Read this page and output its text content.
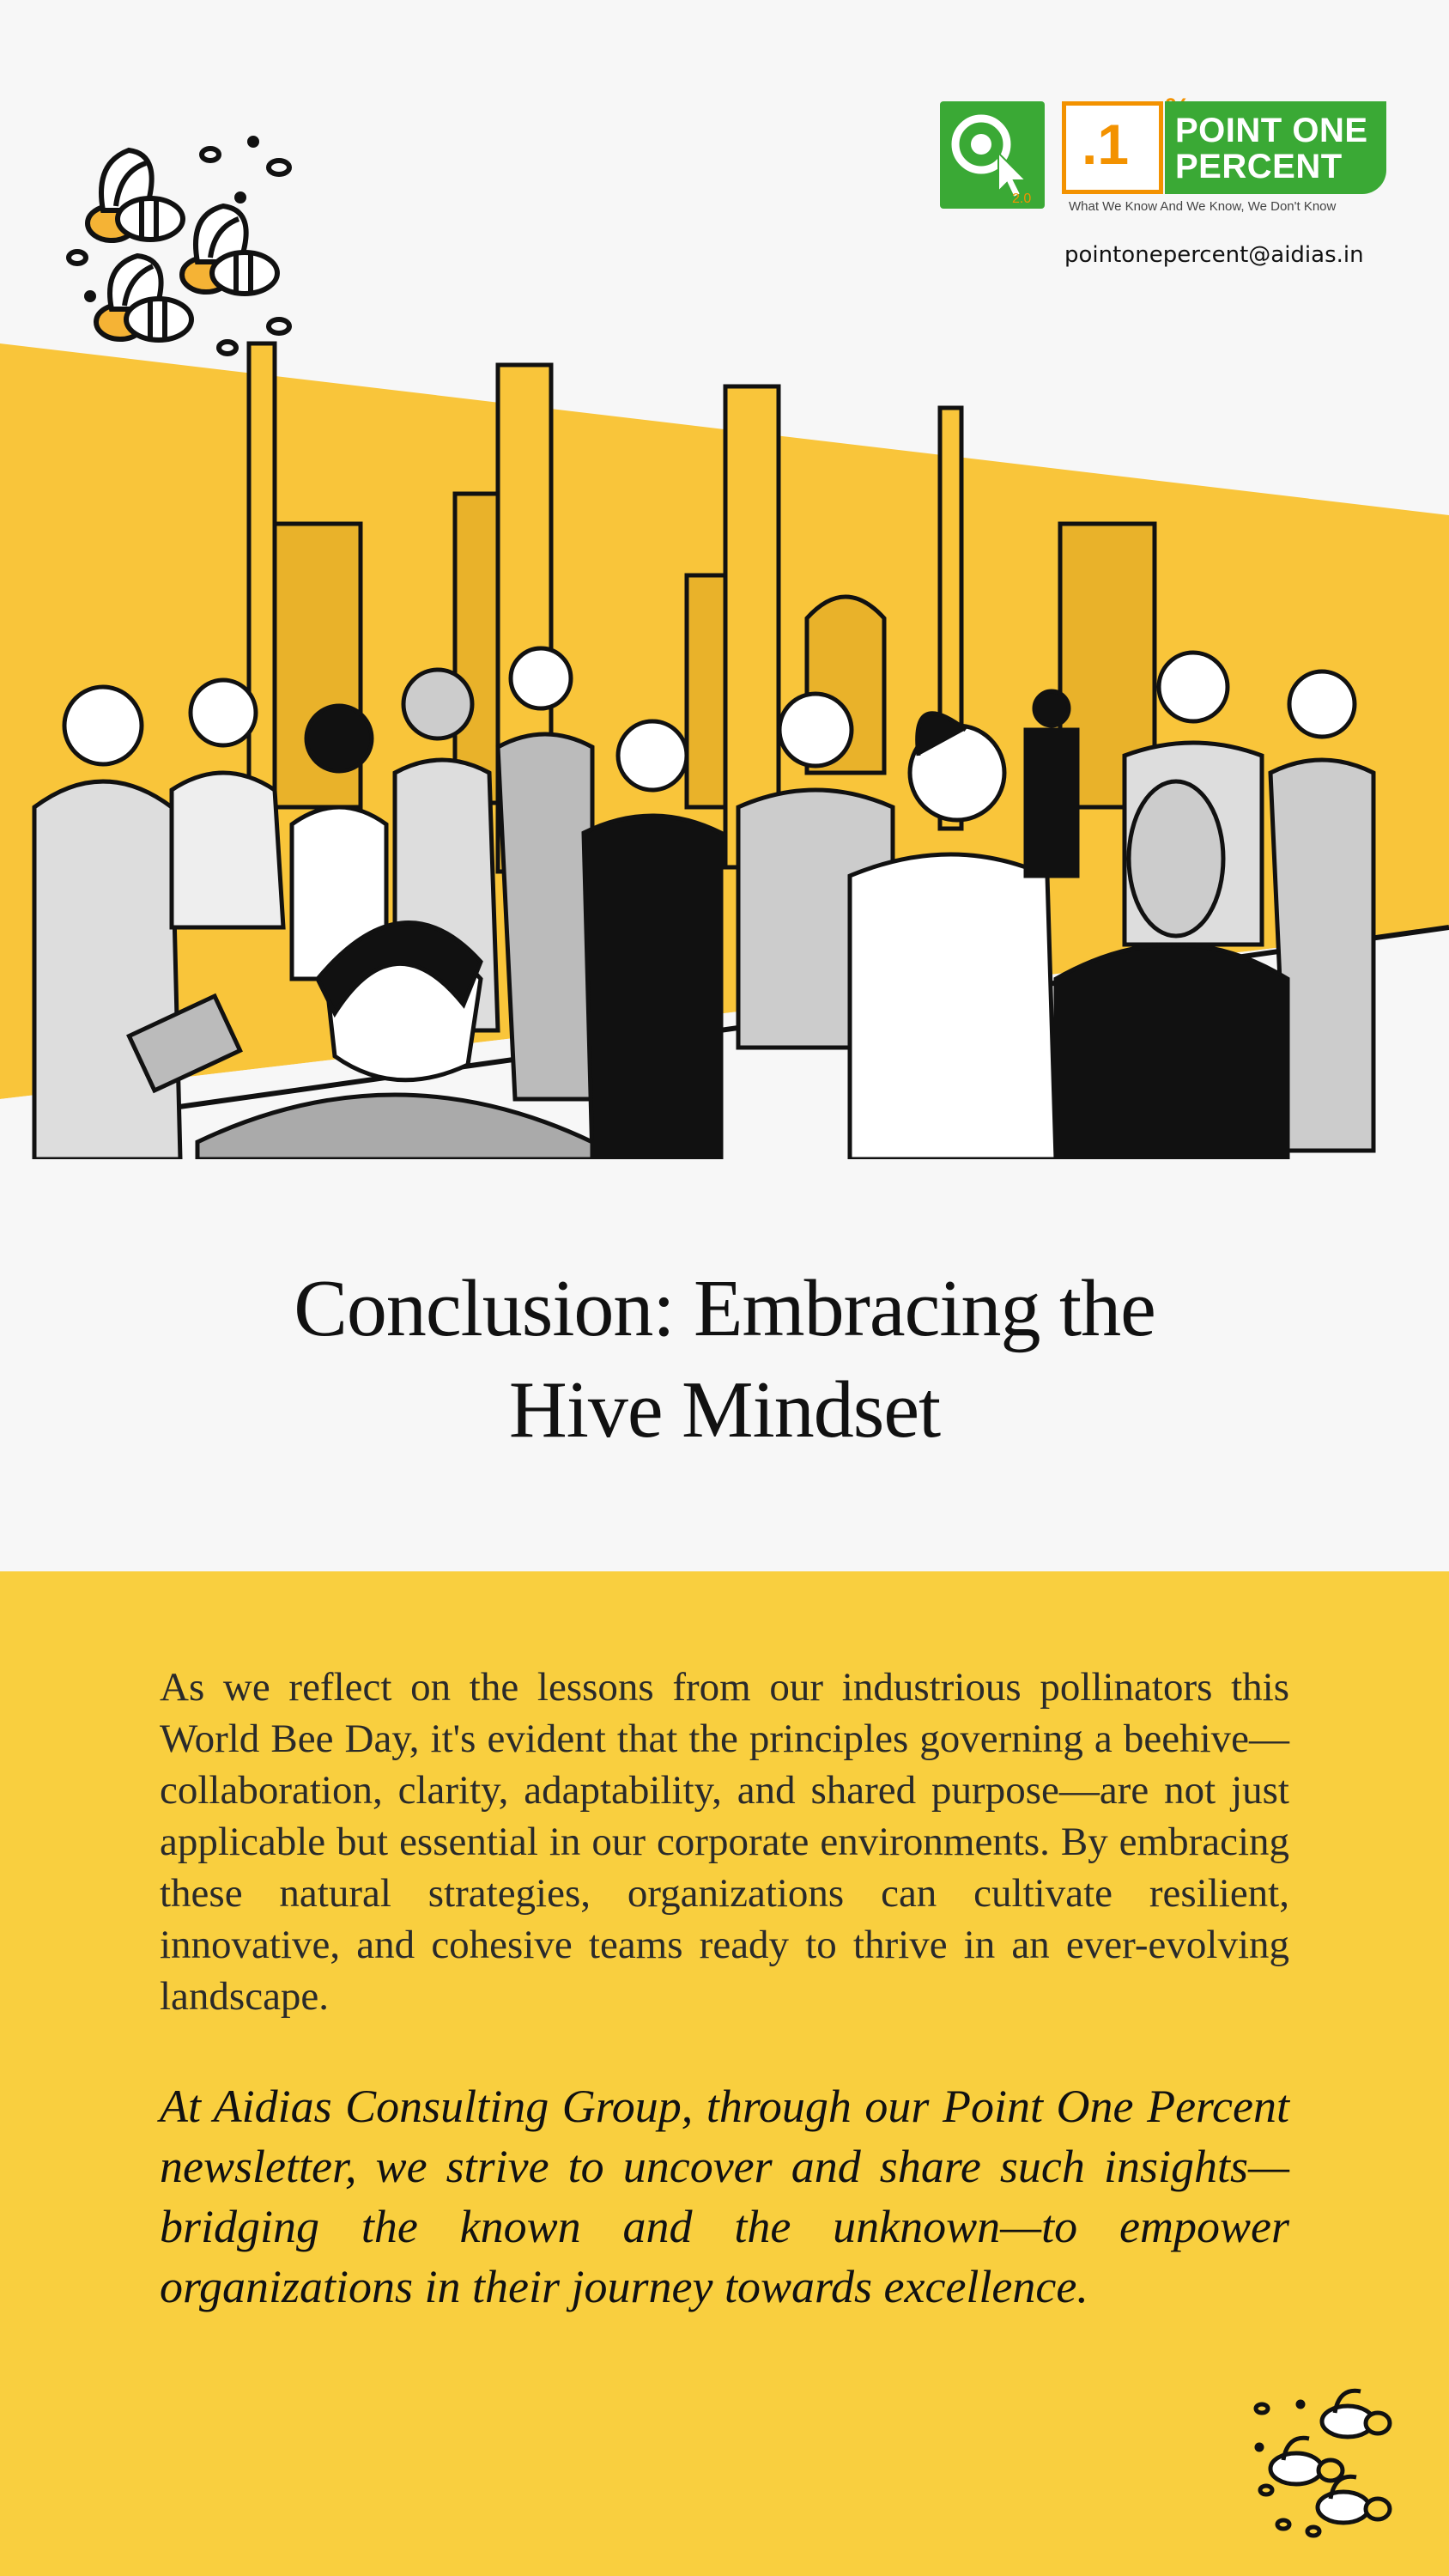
2.0
.1 POINT ONE
PERCENT
What We Know And We Know, We Don't Know
pointonepercent@aidias.in
Conclusion: Embracing the
Hive Mindset

As we reflect on the lessons from our industrious pollinators this World Bee Day, it's evident that the principles governing a beehive—collaboration, clarity, adaptability, and shared purpose—are not just applicable but essential in our corporate environments. By embracing these natural strategies, organizations can cultivate resilient, innovative, and cohesive teams ready to thrive in an ever-evolving landscape.

At Aidias Consulting Group, through our Point One Percent newsletter, we strive to uncover and share such insights—bridging the known and the unknown—to empower organizations in their journey towards excellence.
